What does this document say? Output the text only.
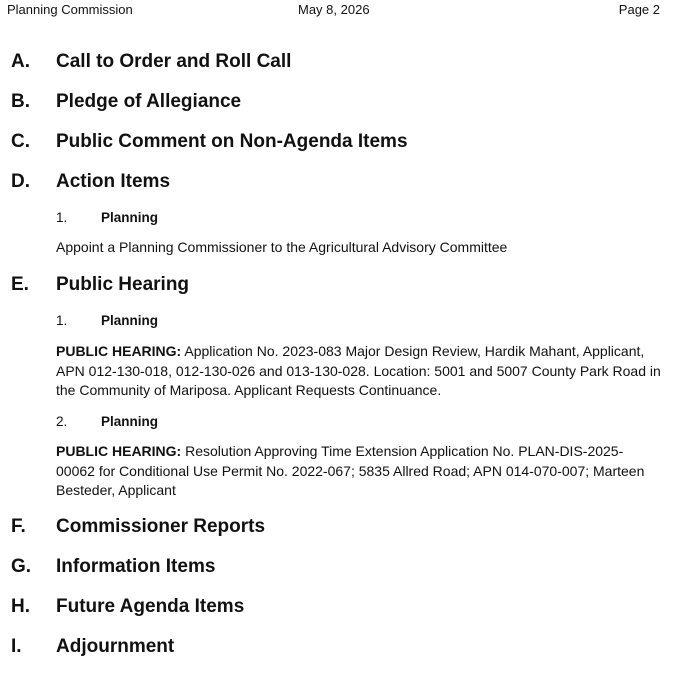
Planning Commission	May 8, 2026	Page 2
A. Call to Order and Roll Call
B. Pledge of Allegiance
C. Public Comment on Non-Agenda Items
D. Action Items
1. Planning
Appoint a Planning Commissioner to the Agricultural Advisory Committee
E. Public Hearing
1. Planning
PUBLIC HEARING: Application No. 2023-083 Major Design Review, Hardik Mahant, Applicant, APN 012-130-018, 012-130-026 and 013-130-028. Location: 5001 and 5007 County Park Road in the Community of Mariposa. Applicant Requests Continuance.
2. Planning
PUBLIC HEARING: Resolution Approving Time Extension Application No. PLAN-DIS-2025-00062 for Conditional Use Permit No. 2022-067; 5835 Allred Road; APN 014-070-007; Marteen Besteder, Applicant
F. Commissioner Reports
G. Information Items
H. Future Agenda Items
I. Adjournment
